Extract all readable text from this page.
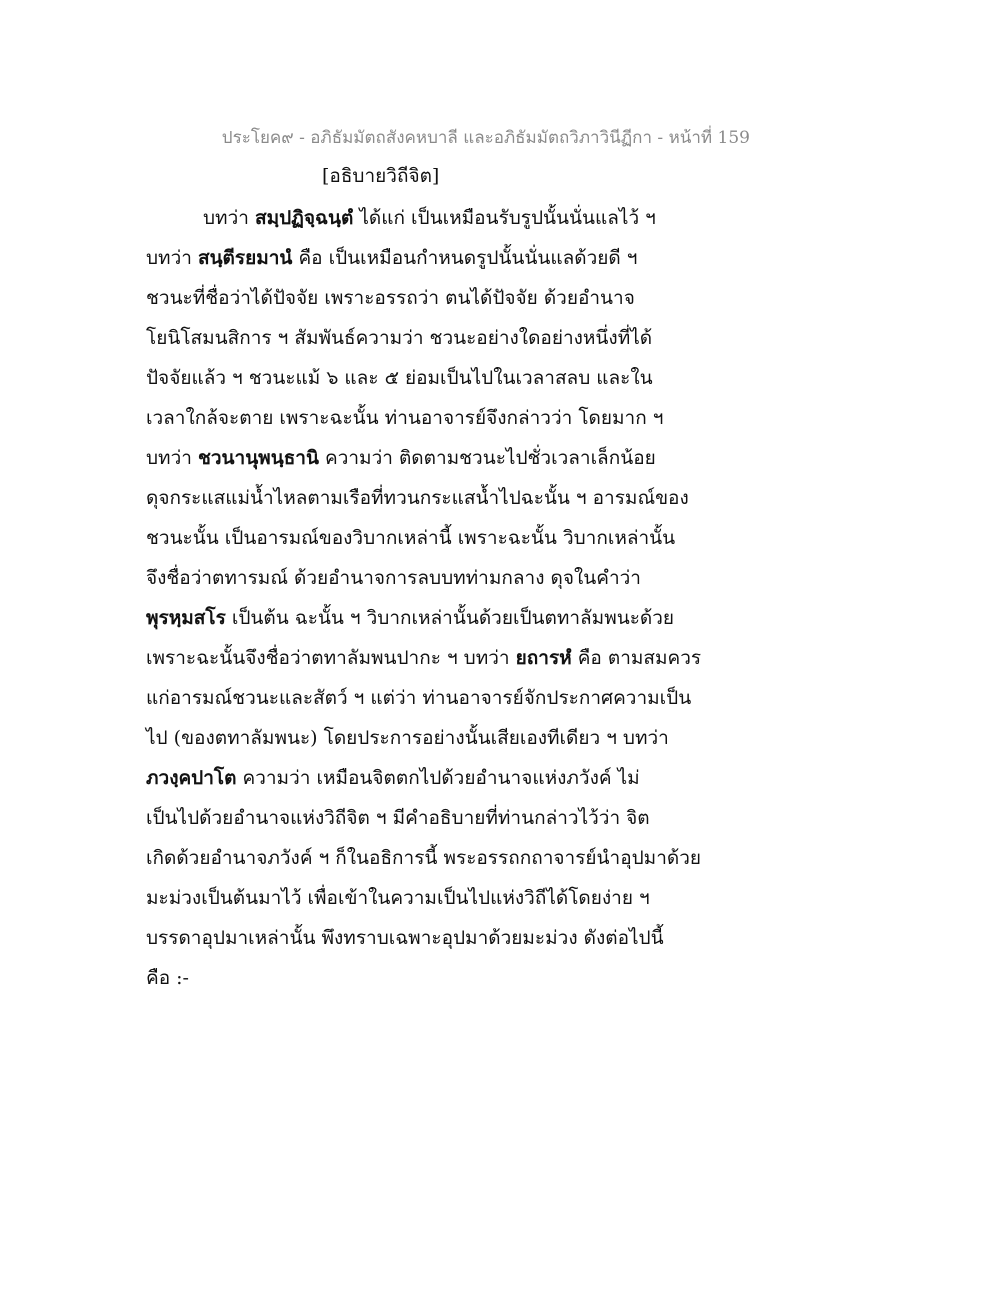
ประโยค๙ - อภิธัมมัตถสังคหบาลี และอภิธัมมัตถวิภาวินีฏีกา - หน้าที่ 159
[อธิบายวิถีจิต]
บทว่า สมฺปฏิจฺฉนฺตํ ได้แก่ เป็นเหมือนรับรูปนั้นนั่นแลไว้ ฯ
บทว่า สนฺตีรยมานํ คือ เป็นเหมือนกำหนดรูปนั้นนั่นแลด้วยดี ฯ
ชวนะที่ชื่อว่าได้ปัจจัย เพราะอรรถว่า ตนได้ปัจจัย ด้วยอำนาจ
โยนิโสมนสิการ ฯ สัมพันธ์ความว่า ชวนะอย่างใดอย่างหนึ่งที่ได้
ปัจจัยแล้ว ฯ ชวนะแม้ ๖ และ ๕ ย่อมเป็นไปในเวลาสลบ และใน
เวลาใกล้จะตาย เพราะฉะนั้น ท่านอาจารย์จึงกล่าวว่า โดยมาก ฯ
บทว่า ชวนานุพนฺธานิ ความว่า ติดตามชวนะไปชั่วเวลาเล็กน้อย
ดุจกระแสแม่น้ำไหลตามเรือที่ทวนกระแสน้ำไปฉะนั้น ฯ อารมณ์ของ
ชวนะนั้น เป็นอารมณ์ของวิบากเหล่านี้ เพราะฉะนั้น วิบากเหล่านั้น
จึงชื่อว่าตทารมณ์ ด้วยอำนาจการลบบทท่ามกลาง ดุจในคำว่า
พุรหฺมสโร เป็นต้น ฉะนั้น ฯ วิบากเหล่านั้นด้วยเป็นตทาลัมพนะด้วย
เพราะฉะนั้นจึงชื่อว่าตทาลัมพนปากะ ฯ บทว่า ยถารหํ คือ ตามสมควร
แก่อารมณ์ชวนะและสัตว์ ฯ แต่ว่า ท่านอาจารย์จักประกาศความเป็น
ไป (ของตทาลัมพนะ) โดยประการอย่างนั้นเสียเองทีเดียว ฯ บทว่า
ภวงฺคปาโต ความว่า เหมือนจิตตกไปด้วยอำนาจแห่งภวังค์ ไม่
เป็นไปด้วยอำนาจแห่งวิถีจิต ฯ มีคำอธิบายที่ท่านกล่าวไว้ว่า จิต
เกิดด้วยอำนาจภวังค์ ฯ ก็ในอธิการนี้ พระอรรถกถาจารย์นำอุปมาด้วย
มะม่วงเป็นต้นมาไว้ เพื่อเข้าในความเป็นไปแห่งวิถีได้โดยง่าย ฯ
บรรดาอุปมาเหล่านั้น พึงทราบเฉพาะอุปมาด้วยมะม่วง ดังต่อไปนี้
คือ :-
